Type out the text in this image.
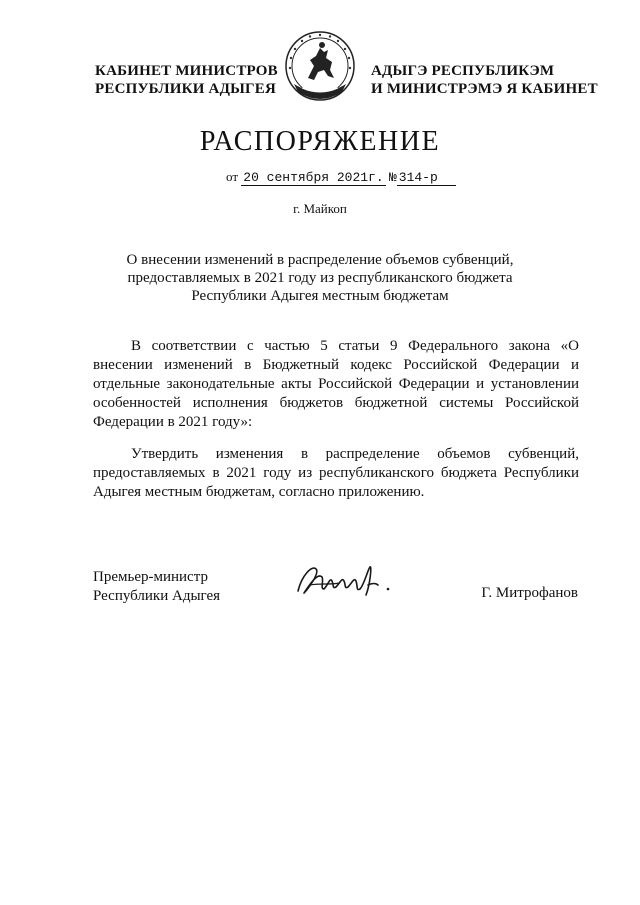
КАБИНЕТ МИНИСТРОВ
РЕСПУБЛИКИ АДЫГЕЯ
АДЫГЭ РЕСПУБЛИКЭМ
И МИНИСТРЭМЭ Я КАБИНЕТ
РАСПОРЯЖЕНИЕ
от 20 сентября 2021г. № 314-р
г. Майкоп
О внесении изменений в распределение объемов субвенций,
предоставляемых в 2021 году из республиканского бюджета
Республики Адыгея местным бюджетам
В соответствии с частью 5 статьи 9 Федерального закона «О внесении изменений в Бюджетный кодекс Российской Федерации и отдельные законодательные акты Российской Федерации и установлении особенностей исполнения бюджетов бюджетной системы Российской Федерации в 2021 году»:
Утвердить изменения в распределение объемов субвенций, предоставляемых в 2021 году из республиканского бюджета Республики Адыгея местным бюджетам, согласно приложению.
Премьер-министр
Республики Адыгея	Г. Митрофанов
